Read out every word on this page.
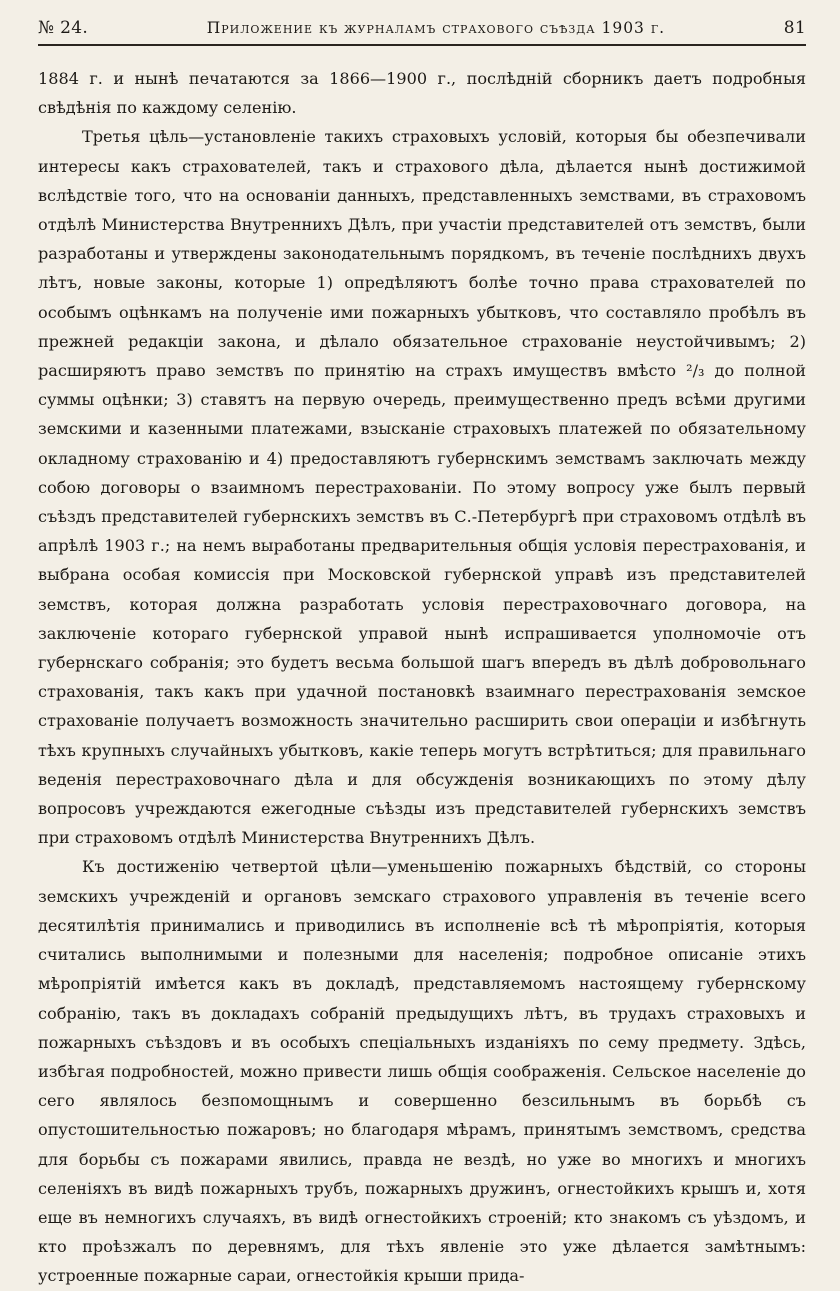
№ 24.	Приложение къ журналамъ страхового съѣзда 1903 г.	81

1884 г. и нынѣ печатаются за 1866—1900 г., послѣдній сборникъ даетъ подробныя свѣдѣнія по каждому селенію.

Третья цѣль—установленіе такихъ страховыхъ условій, которыя бы обезпечивали интересы какъ страхователей, такъ и страхового дѣла, дѣлается нынѣ достижимой вслѣдствіе того, что на основаніи данныхъ, представленныхъ земствами, въ страховомъ отдѣлѣ Министерства Внутреннихъ Дѣлъ, при участіи представителей отъ земствъ, были разработаны и утверждены законодательнымъ порядкомъ, въ теченіе послѣднихъ двухъ лѣтъ, новые законы, которые 1) опредѣляютъ болѣе точно права страхователей по особымъ оцѣнкамъ на полученіе ими пожарныхъ убытковъ, что составляло пробѣлъ въ прежней редакціи закона, и дѣлало обязательное страхованіе неустойчивымъ; 2) расширяютъ право земствъ по принятію на страхъ имуществъ вмѣсто ²/₃ до полной суммы оцѣнки; 3) ставятъ на первую очередь, преимущественно предъ всѣми другими земскими и казенными платежами, взысканіе страховыхъ платежей по обязательному окладному страхованію и 4) предоставляютъ губернскимъ земствамъ заключать между собою договоры о взаимномъ перестрахованіи. По этому вопросу уже былъ первый съѣздъ представителей губернскихъ земствъ въ С.-Петербургѣ при страховомъ отдѣлѣ въ апрѣлѣ 1903 г.; на немъ выработаны предварительныя общія условія перестрахованія, и выбрана особая комиссія при Московской губернской управѣ изъ представителей земствъ, которая должна разработать условія перестраховочнаго договора, на заключеніе котораго губернской управой нынѣ испрашивается уполномочіе отъ губернскаго собранія; это будетъ весьма большой шагъ впередъ въ дѣлѣ добровольнаго страхованія, такъ какъ при удачной постановкѣ взаимнаго перестрахованія земское страхованіе получаетъ возможность значительно расширить свои операціи и избѣгнуть тѣхъ крупныхъ случайныхъ убытковъ, какіе теперь могутъ встрѣтиться; для правильнаго веденія перестраховочнаго дѣла и для обсужденія возникающихъ по этому дѣлу вопросовъ учреждаются ежегодные съѣзды изъ представителей губернскихъ земствъ при страховомъ отдѣлѣ Министерства Внутреннихъ Дѣлъ.

Къ достиженію четвертой цѣли—уменьшенію пожарныхъ бѣдствій, со стороны земскихъ учрежденій и органовъ земскаго страхового управленія въ теченіе всего десятилѣтія принимались и приводились въ исполненіе всѣ тѣ мѣропріятія, которыя считались выполнимыми и полезными для населенія; подробное описаніе этихъ мѣропріятій имѣется какъ въ докладѣ, представляемомъ настоящему губернскому собранію, такъ въ докладахъ собраній предыдущихъ лѣтъ, въ трудахъ страховыхъ и пожарныхъ съѣздовъ и въ особыхъ спеціальныхъ изданіяхъ по сему предмету. Здѣсь, избѣгая подробностей, можно привести лишь общія соображенія. Сельское населеніе до сего являлось безпомощнымъ и совершенно безсильнымъ въ борьбѣ съ опустошительностью пожаровъ; но благодаря мѣрамъ, принятымъ земствомъ, средства для борьбы съ пожарами явились, правда не вездѣ, но уже во многихъ и многихъ селеніяхъ въ видѣ пожарныхъ трубъ, пожарныхъ дружинъ, огнестойкихъ крышъ и, хотя еще въ немногихъ случаяхъ, въ видѣ огнестойкихъ строеній; кто знакомъ съ уѣздомъ, и кто проѣзжалъ по деревнямъ, для тѣхъ явленіе это уже дѣлается замѣтнымъ: устроенные пожарные сараи, огнестойкія крыши прида-
